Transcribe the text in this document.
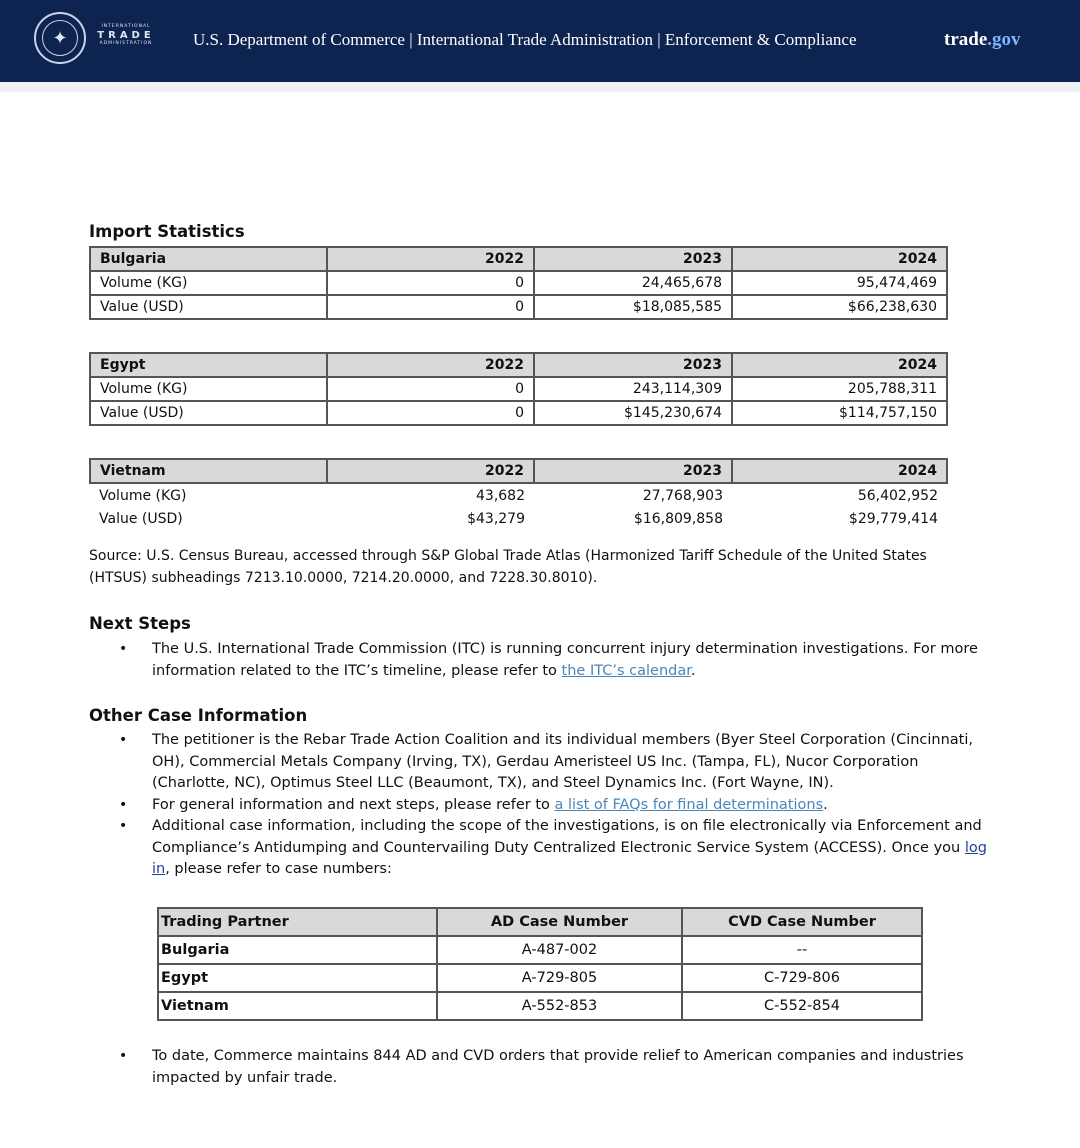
✦
INTERNATIONAL
TRADE
ADMINISTRATION	U.S. Department of Commerce | International Trade Administration | Enforcement & Compliance	trade.gov
Import Statistics
Bulgaria	2022	2023	2024
Volume (KG)	0	24,465,678	95,474,469
Value (USD)	0	$18,085,585	$66,238,630
Egypt	2022	2023	2024
Volume (KG)	0	243,114,309	205,788,311
Value (USD)	0	$145,230,674	$114,757,150
Vietnam	2022	2023	2024
Volume (KG)	43,682	27,768,903	56,402,952
Value (USD)	$43,279	$16,809,858	$29,779,414
Source: U.S. Census Bureau, accessed through S&P Global Trade Atlas (Harmonized Tariff Schedule of the United States (HTSUS) subheadings 7213.10.0000, 7214.20.0000, and 7228.30.8010).
Next Steps
• The U.S. International Trade Commission (ITC) is running concurrent injury determination investigations. For more information related to the ITC’s timeline, please refer to the ITC’s calendar.
Other Case Information
• The petitioner is the Rebar Trade Action Coalition and its individual members (Byer Steel Corporation (Cincinnati, OH), Commercial Metals Company (Irving, TX), Gerdau Ameristeel US Inc. (Tampa, FL), Nucor Corporation (Charlotte, NC), Optimus Steel LLC (Beaumont, TX), and Steel Dynamics Inc. (Fort Wayne, IN).
• For general information and next steps, please refer to a list of FAQs for final determinations.
• Additional case information, including the scope of the investigations, is on file electronically via Enforcement and Compliance’s Antidumping and Countervailing Duty Centralized Electronic Service System (ACCESS). Once you log in, please refer to case numbers:
Trading Partner	AD Case Number	CVD Case Number
Bulgaria	A-487-002	--
Egypt	A-729-805	C-729-806
Vietnam	A-552-853	C-552-854
• To date, Commerce maintains 844 AD and CVD orders that provide relief to American companies and industries impacted by unfair trade.
